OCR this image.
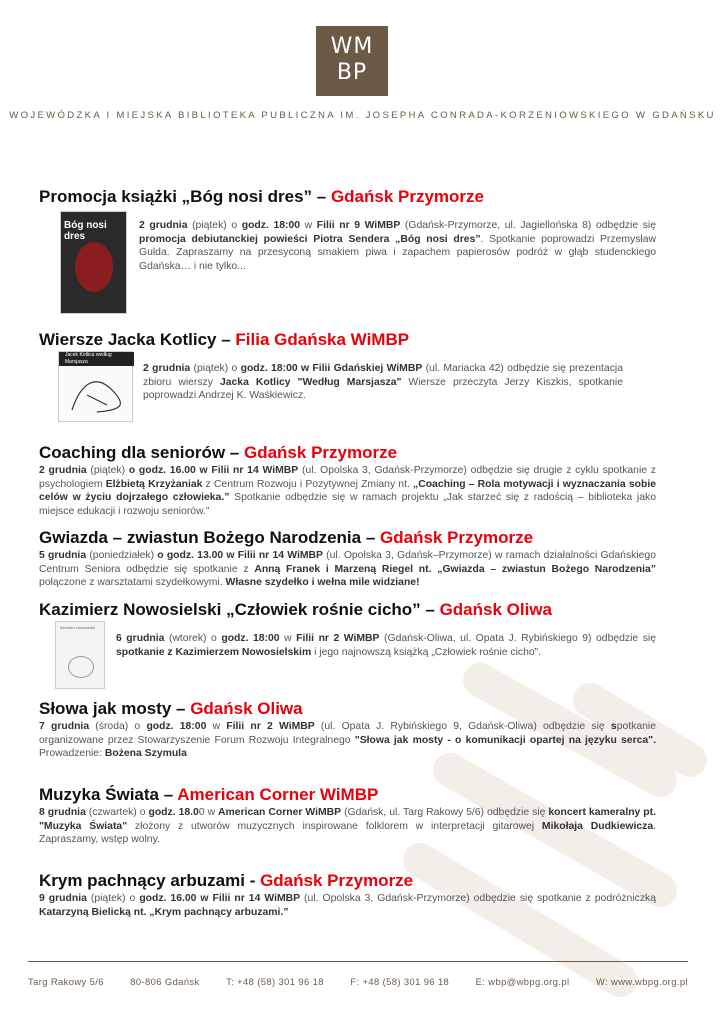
WM
BP
WOJEWÓDZKA I MIEJSKA BIBLIOTEKA PUBLICZNA IM. JOSEPHA CONRADA-KORZENIOWSKIEGO W GDAŃSKU
Promocja książki „Bóg nosi dres” – Gdańsk Przymorze
Bóg nosi dres

2 grudnia (piątek) o godz. 18:00 w Filii nr 9 WiMBP (Gdańsk-Przymorze, ul. Jagiellońska 8) odbędzie się promocja debiutanckiej powieści Piotra Sendera „Bóg nosi dres”. Spotkanie poprowadzi Przemysław Gulda. Zapraszamy na przesyconą smakiem piwa i zapachem papierosów podróż w głąb studenckiego Gdańska… i nie tylko...

Wiersze Jacka Kotlicy – Filia Gdańska WiMBP
Jacek Kotlica według Marsjasza

2 grudnia (piątek) o godz. 18:00 w Filii Gdańskiej WiMBP (ul. Mariacka 42) odbędzie się prezentacja zbioru wierszy Jacka Kotlicy "Według Marsjasza" Wiersze przeczyta Jerzy Kiszkis, spotkanie poprowadzi Andrzej K. Waśkiewicz.

Coaching dla seniorów – Gdańsk Przymorze

2 grudnia (piątek) o godz. 16.00 w Filii nr 14 WiMBP (ul. Opolska 3, Gdańsk-Przymorze) odbędzie się drugie z cyklu spotkanie z psychologiem Elżbietą Krzyżaniak z Centrum Rozwoju i Pozytywnej Zmiany nt. „Coaching – Rola motywacji i wyznaczania sobie celów w życiu dojrzałego człowieka.” Spotkanie odbędzie się w ramach projektu „Jak starzeć się z radością – biblioteka jako miejsce edukacji i rozwoju seniorów.”

Gwiazda – zwiastun Bożego Narodzenia – Gdańsk Przymorze

5 grudnia (poniedziałek) o godz. 13.00 w Filii nr 14 WiMBP (ul. Opolska 3, Gdańsk–Przymorze) w ramach działalności Gdańskiego Centrum Seniora odbędzie się spotkanie z Anną Franek i Marzeną Riegel nt. „Gwiazda – zwiastun Bożego Narodzenia” połączone z warsztatami szydełkowymi. Własne szydełko i wełna mile widziane!

Kazimierz Nowosielski „Człowiek rośnie cicho” – Gdańsk Oliwa
Kazimierz Nowosielski

6 grudnia (wtorek) o godz. 18:00 w Filii nr 2 WiMBP (Gdańsk-Oliwa, ul. Opata J. Rybińskiego 9) odbędzie się spotkanie z Kazimierzem Nowosielskim i jego najnowszą książką „Człowiek rośnie cicho”.

Słowa jak mosty – Gdańsk Oliwa

7 grudnia (środa) o godz. 18:00 w Filii nr 2 WiMBP (ul. Opata J. Rybińskiego 9, Gdańsk-Oliwa) odbędzie się spotkanie organizowane przez Stowarzyszenie Forum Rozwoju Integralnego "Słowa jak mosty - o komunikacji opartej na języku serca". Prowadzenie: Bożena Szymula

Muzyka Świata – American Corner WiMBP

8 grudnia (czwartek) o godz. 18.00 w American Corner WiMBP (Gdańsk, ul. Targ Rakowy 5/6) odbędzie się koncert kameralny pt. "Muzyka Świata" złożony z utworów muzycznych inspirowane folklorem w interpretacji gitarowej Mikołaja Dudkiewicza. Zapraszamy, wstęp wolny.

Krym pachnący arbuzami - Gdańsk Przymorze

9 grudnia (piątek) o godz. 16.00 w Filii nr 14 WiMBP (ul. Opolska 3, Gdańsk-Przymorze) odbędzie się spotkanie z podróżniczką Katarzyną Bielicką nt. „Krym pachnący arbuzami.”

Targ Rakowy 5/6	80-806 Gdańsk	T: +48 (58) 301 96 18	F: +48 (58) 301 96 18	E: wbp@wbpg.org.pl	W: www.wbpg.org.pl
